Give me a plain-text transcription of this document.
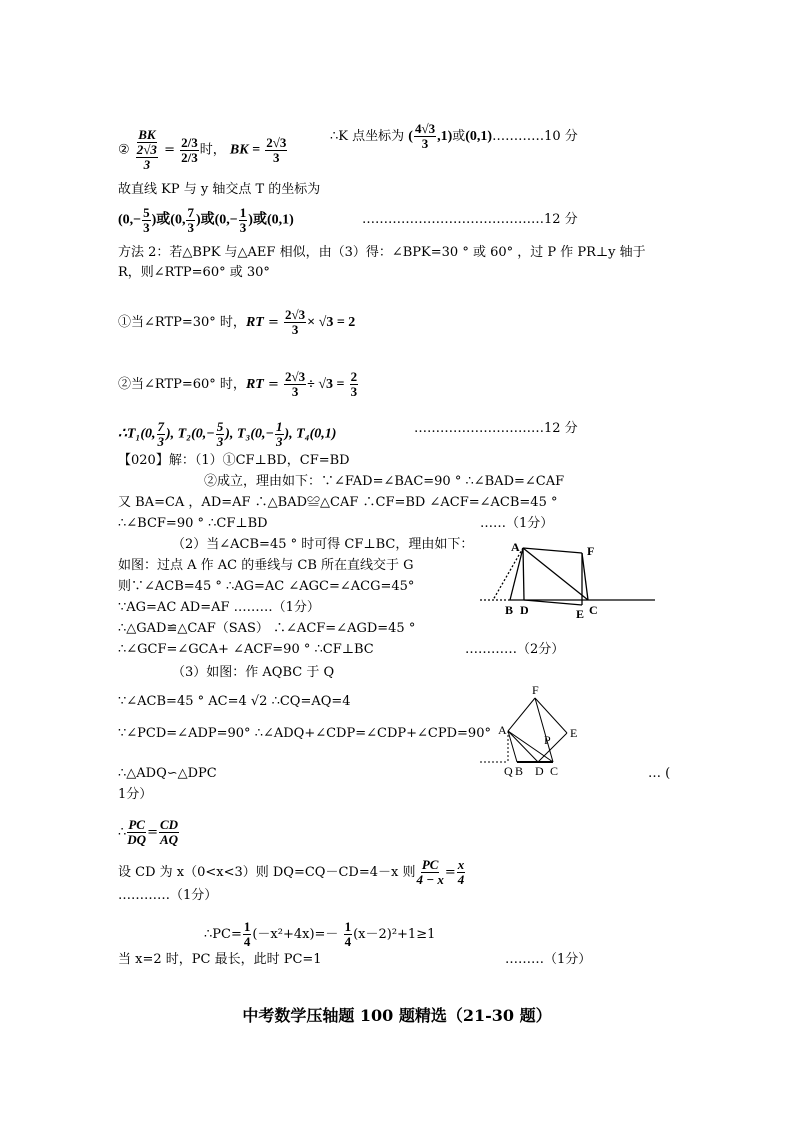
② $\frac{BK}{\frac{2√3}{3}} = \frac{2/3}{2/3}$ 时， BK = $\frac{2√3}{3}$	∴K 点坐标为 ( $\frac{4√3}{3} ,1$)或(0,1)…………10 分
故直线 KP 与 y 轴交点 T 的坐标为
($0,- \frac{5}{3}$ )或(0, $\frac{7}{3}$ )或($0,- \frac{1}{3}$ )或(0,1)	……………………………………12 分
方法 2：若△BPK 与△AEF 相似，由（3）得：∠BPK=30 ° 或 60° ，过 P 作 PR⊥y 轴于
R，则∠RTP=60° 或 30°
①当∠RTP=30° 时，RT = $\frac{2√3}{3} \times √3 = 2$
②当∠RTP=60° 时，RT = $\frac{2√3}{3} \div √3 = \frac{2}{3}$
∴T₁(0, $\frac{7}{3}$ ), $T_2(0,- \frac{5}{3}$ ), $T_3(0,- \frac{1}{3}$ ), T₄(0,1)	…………………………12 分
【020】解：（1）①CF⊥BD，CF=BD
②成立，理由如下：∵∠FAD=∠BAC=90 ° ∴∠BAD=∠CAF
又 BA=CA ，AD=AF ∴△BAD≌△CAF ∴CF=BD ∠ACF=∠ACB=45 °
∴∠BCF=90 ° ∴CF⊥BD	……（1分）
（2）当∠ACB=45 ° 时可得 CF⊥BC，理由如下：
如图：过点 A 作 AC 的垂线与 CB 所在直线交于 G
则∵∠ACB=45 ° ∴AG=AC ∠AGC=∠ACG=45°
∵AG=AC AD=AF ………（1分）
∴△GAD≌△CAF（SAS） ∴∠ACF=∠AGD=45 °
∴∠GCF=∠GCA+ ∠ACF=90 ° ∴CF⊥BC	…………（2分）
（3）如图：作 AQBC 于 Q
∵∠ACB=45 ° AC=4 √2 ∴CQ=AQ=4
∵∠PCD=∠ADP=90° ∴∠ADQ+∠CDP=∠CDP+∠CPD=90°
∴△ADQ∽△DPC	… (
1分）
∴ $\frac{PC}{DQ} = \frac{CD}{AQ}$
设 CD 为 x（0<x<3）则 DQ=CQ－CD=4－x 则 $\frac{PC}{4 - x} = \frac{x}{4}$
…………（1分）
∴PC= $\frac{1}{4} (-x^2+4x)=- \frac{1}{4} (x-2)^2+1\ge 1$
当 x=2 时，PC 最长，此时 PC=1	………（1分）
中考数学压轴题 100 题精选（21-30 题）
A	F
B D	E C
F
A	E
P
Q B D C
